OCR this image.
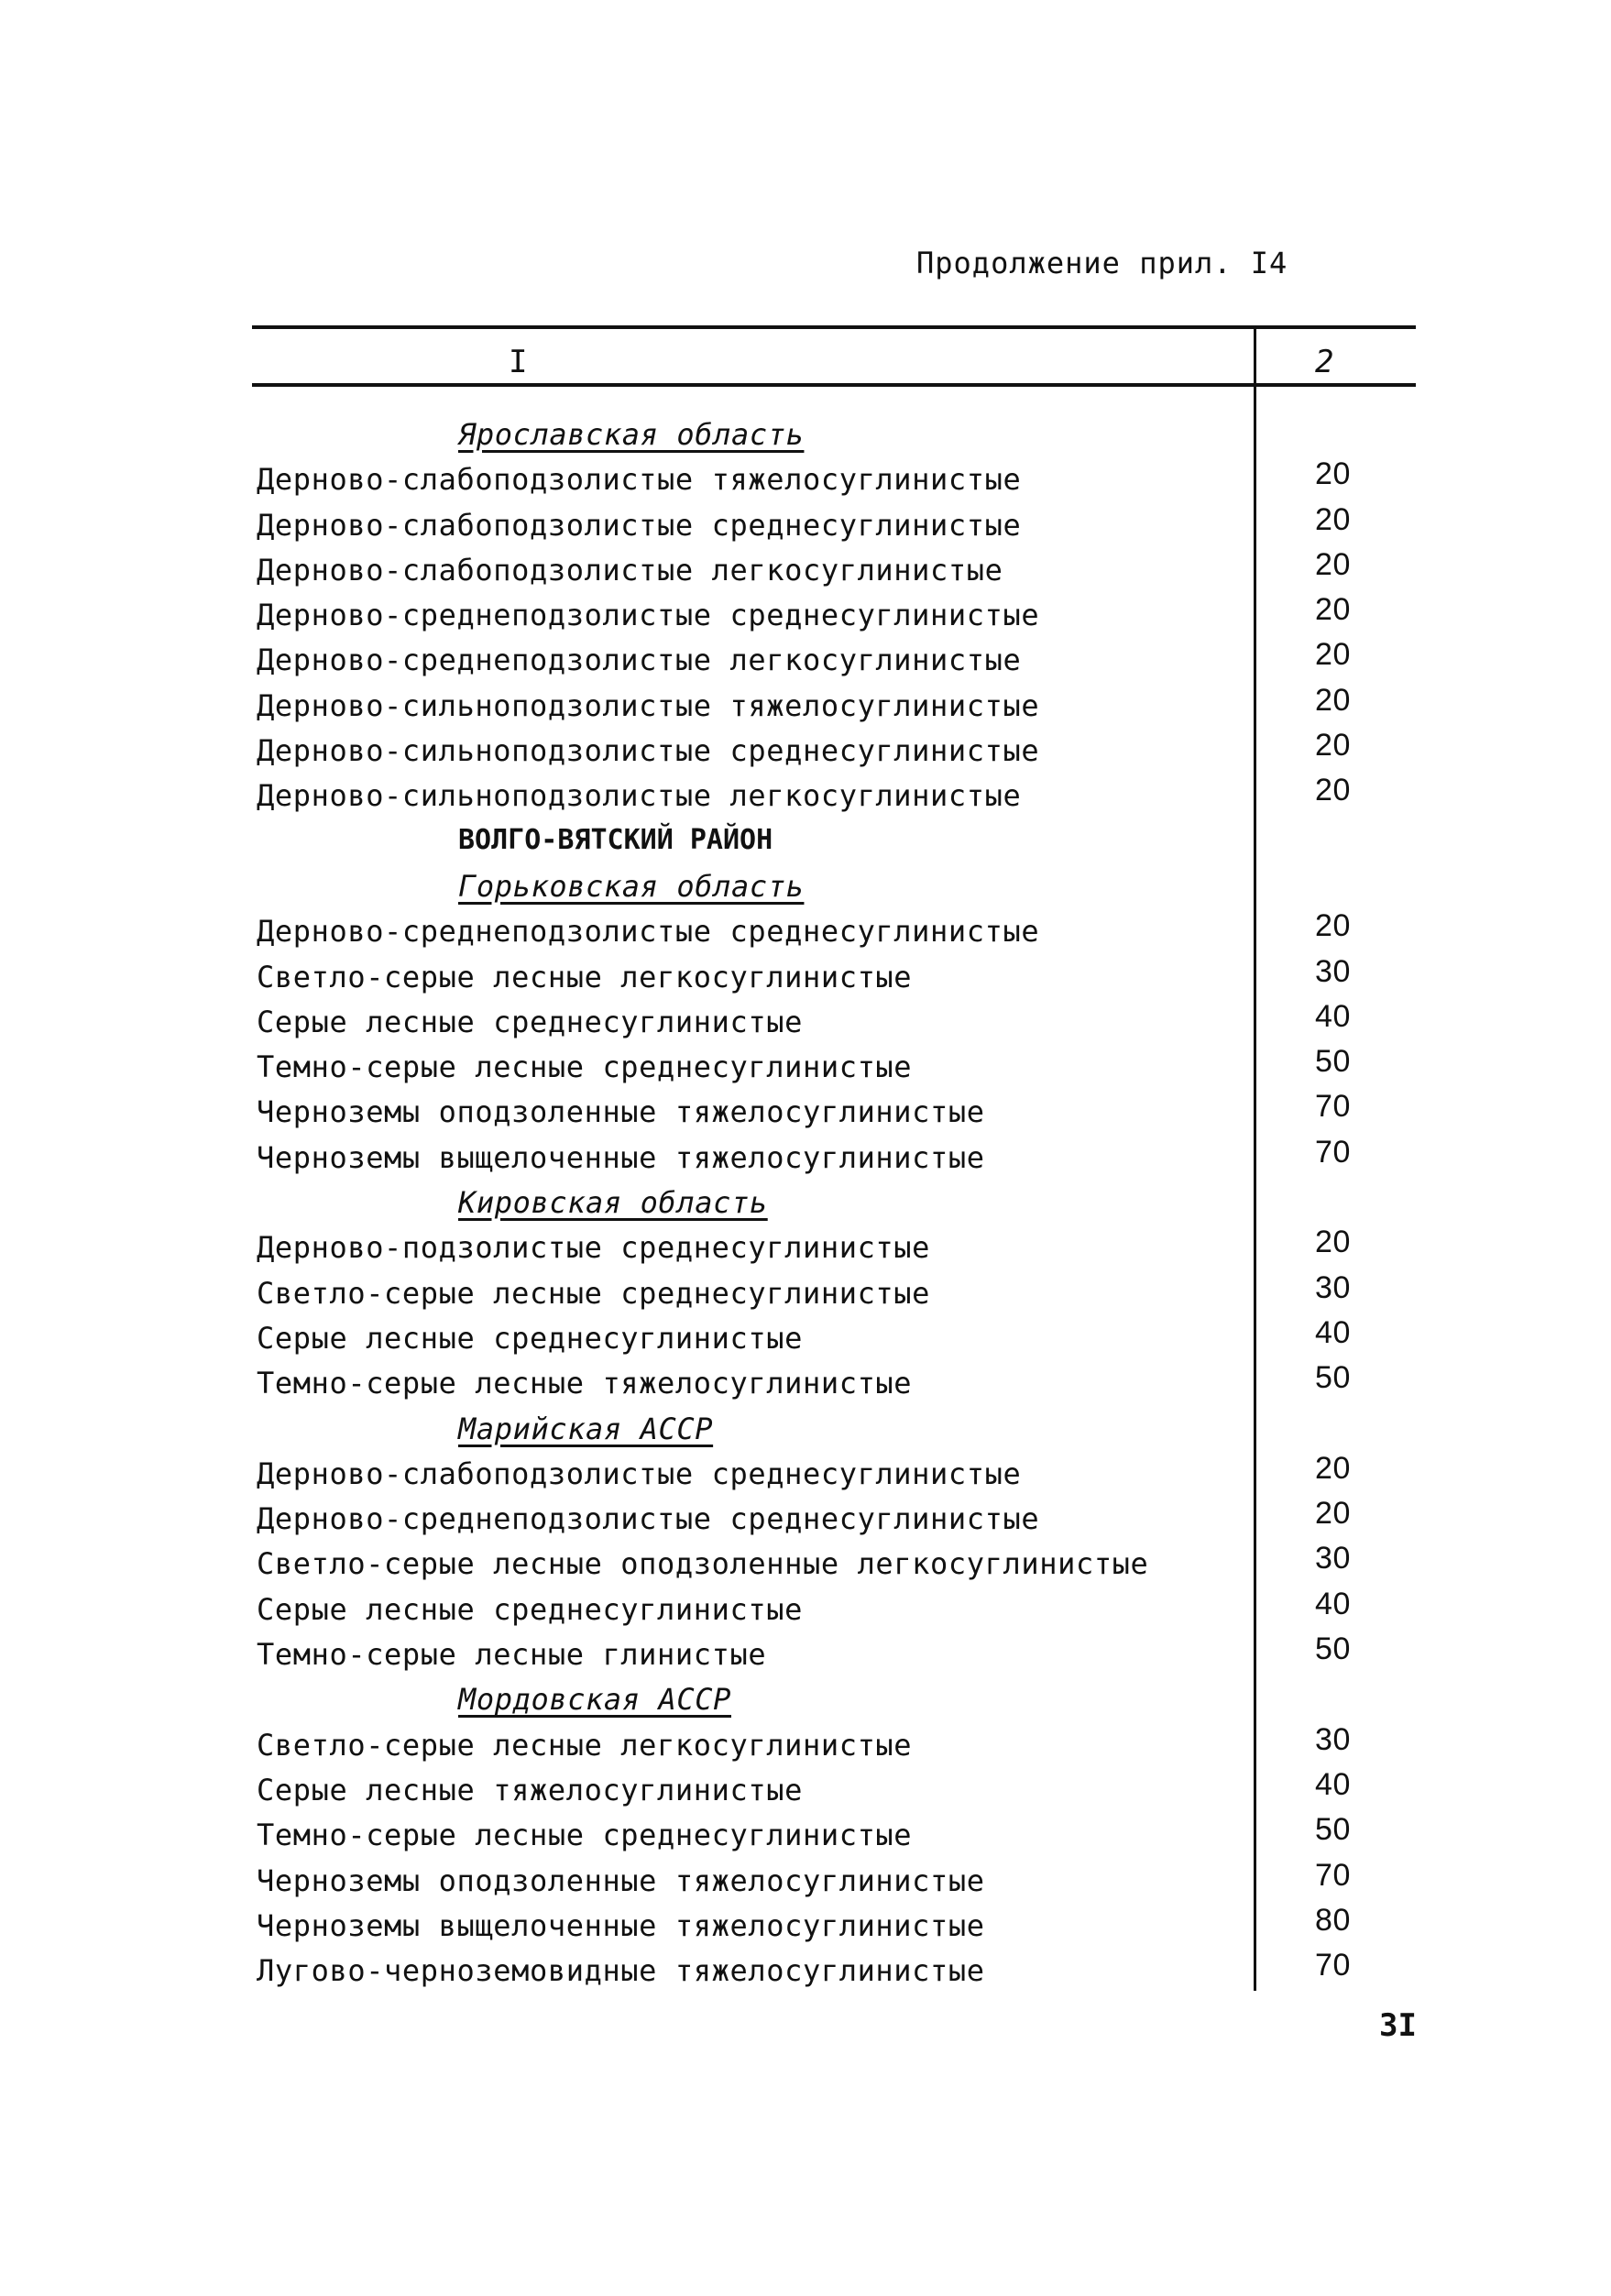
Продолжение прил. I4
I	2
Ярославская область
Дерново-слабоподзолистые тяжелосуглинистые	20
Дерново-слабоподзолистые среднесуглинистые	20
Дерново-слабоподзолистые легкосуглинистые	20
Дерново-среднеподзолистые среднесуглинистые	20
Дерново-среднеподзолистые легкосуглинистые	20
Дерново-сильноподзолистые тяжелосуглинистые	20
Дерново-сильноподзолистые среднесуглинистые	20
Дерново-сильноподзолистые легкосуглинистые	20
ВОЛГО-ВЯТСКИЙ РАЙОН
Горьковская область
Дерново-среднеподзолистые среднесуглинистые	20
Светло-серые лесные легкосуглинистые	30
Серые лесные среднесуглинистые	40
Темно-серые лесные среднесуглинистые	50
Черноземы оподзоленные тяжелосуглинистые	70
Черноземы выщелоченные тяжелосуглинистые	70
Кировская область
Дерново-подзолистые среднесуглинистые	20
Светло-серые лесные среднесуглинистые	30
Серые лесные среднесуглинистые	40
Темно-серые лесные тяжелосуглинистые	50
Марийская АССР
Дерново-слабоподзолистые среднесуглинистые	20
Дерново-среднеподзолистые среднесуглинистые	20
Светло-серые лесные оподзоленные легкосуглинистые	30
Серые лесные среднесуглинистые	40
Темно-серые лесные глинистые	50
Мордовская АССР
Светло-серые лесные легкосуглинистые	30
Серые лесные тяжелосуглинистые	40
Темно-серые лесные среднесуглинистые	50
Черноземы оподзоленные тяжелосуглинистые	70
Черноземы выщелоченные тяжелосуглинистые	80
Лугово-черноземовидные тяжелосуглинистые	70
3I
